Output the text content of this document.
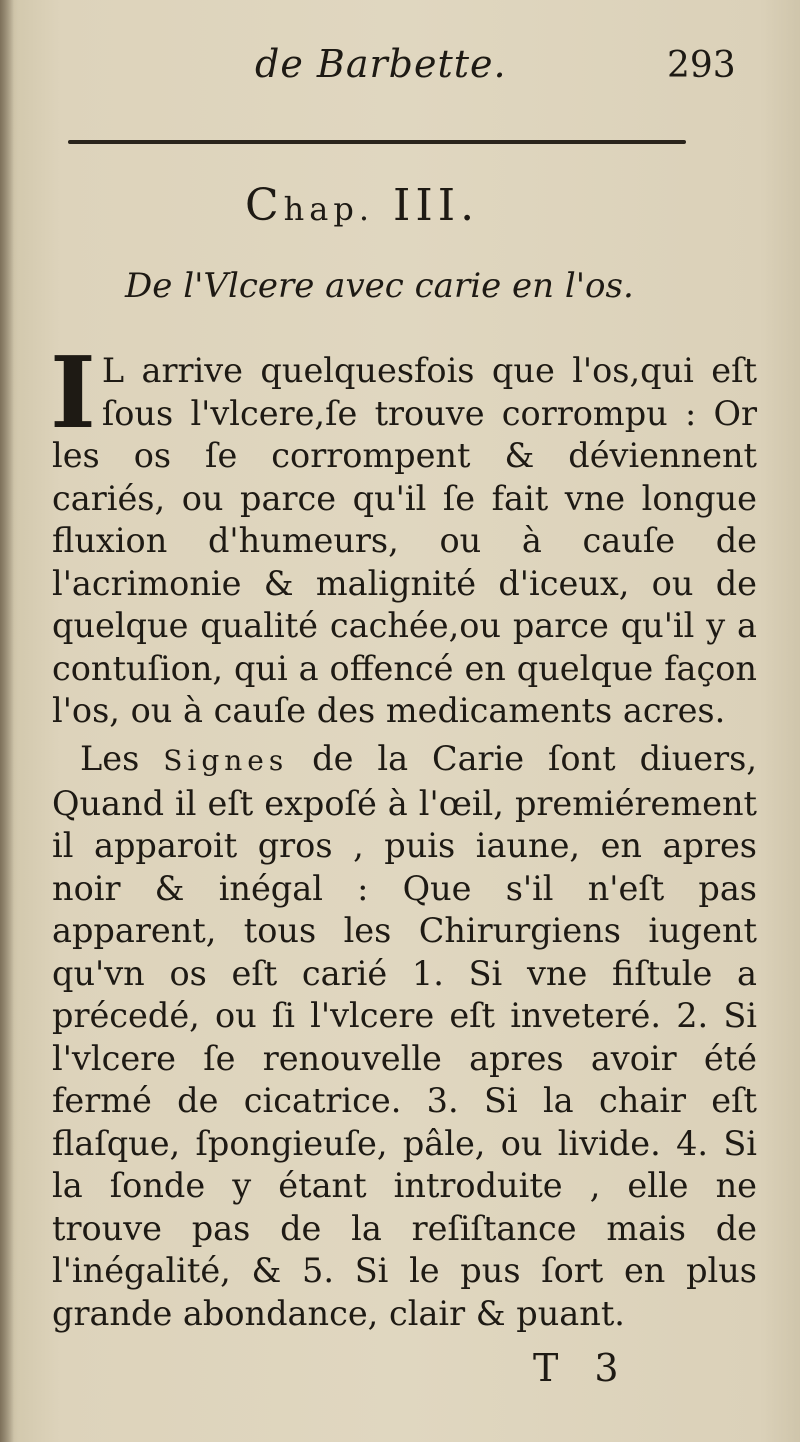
de Barbette.	293
Chap. III.
De l'Vlcere avec carie en l'os.
I L arrive quelquesfois que l'os,qui eſt ſous l'vlcere,ſe trouve corrompu : Or les os ſe corrompent & déviennent cariés, ou parce qu'il ſe fait vne longue fluxion d'humeurs, ou à cauſe de l'acrimonie & malignité d'iceux, ou de quelque qualité cachée,ou parce qu'il y a contuſion, qui a offencé en quelque façon l'os, ou à cauſe des medicaments acres.
Les Signes de la Carie ſont diuers, Quand il eſt expoſé à l'œil, premiérement il apparoit gros , puis iaune, en apres noir & inégal : Que s'il n'eſt pas apparent, tous les Chirurgiens iugent qu'vn os eſt carié 1. Si vne fiſtule a précedé, ou ſi l'vlcere eſt inveteré. 2. Si l'vlcere ſe renouvelle apres avoir été fermé de cicatrice. 3. Si la chair eſt flaſque, ſpongieuſe, pâle, ou livide. 4. Si la ſonde y étant introduite , elle ne trouve pas de la reſiſtance mais de l'inégalité, & 5. Si le pus ſort en plus grande abondance, clair & puant.
T 3
